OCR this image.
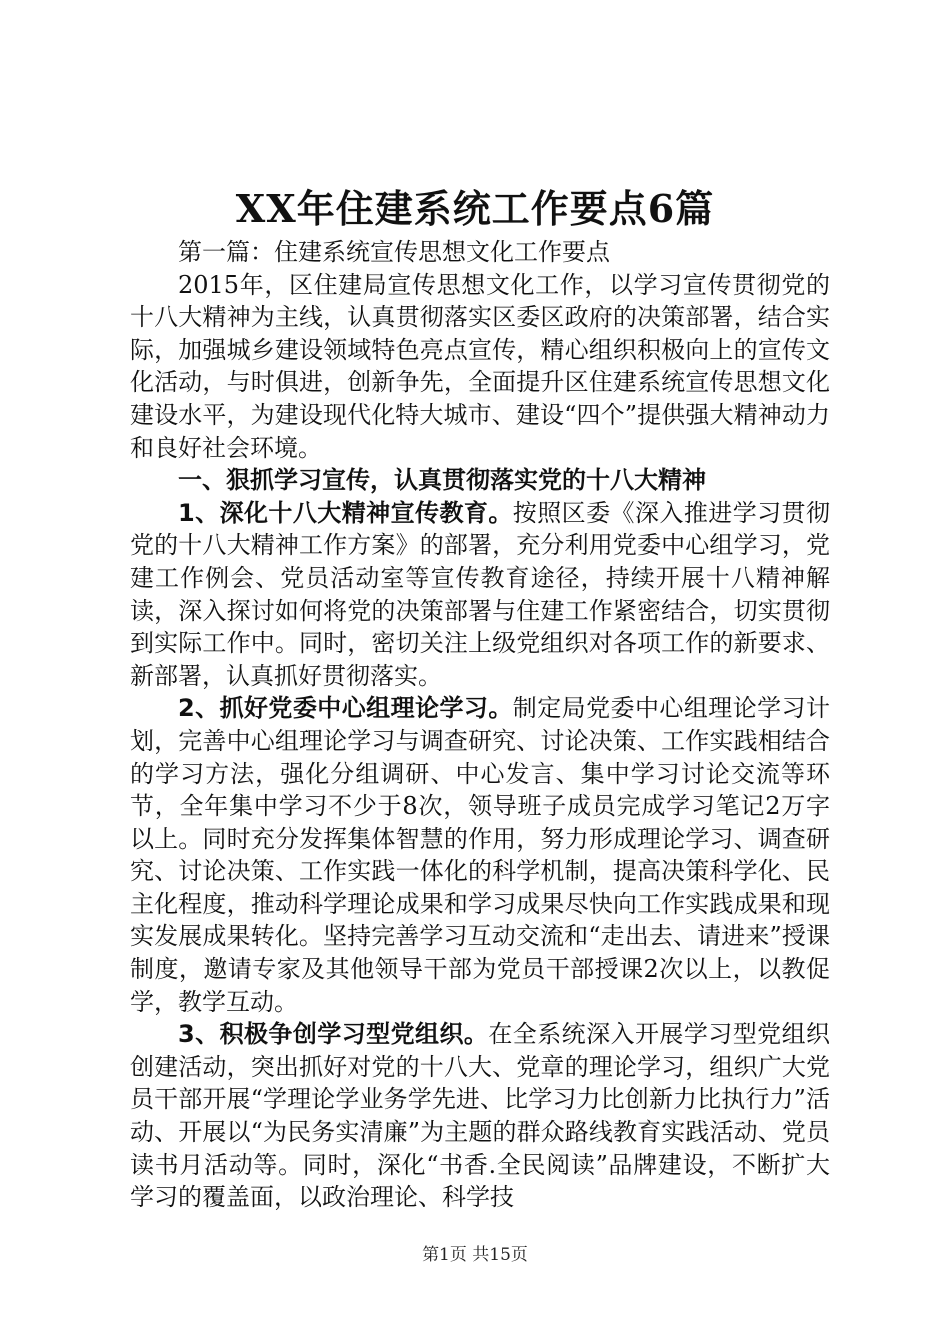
XX年住建系统工作要点6篇

第一篇：住建系统宣传思想文化工作要点

2015年，区住建局宣传思想文化工作，以学习宣传贯彻党的十八大精神为主线，认真贯彻落实区委区政府的决策部署，结合实际，加强城乡建设领域特色亮点宣传，精心组织积极向上的宣传文化活动，与时俱进，创新争先，全面提升区住建系统宣传思想文化建设水平，为建设现代化特大城市、建设“四个”提供强大精神动力和良好社会环境。

一、狠抓学习宣传，认真贯彻落实党的十八大精神

1、深化十八大精神宣传教育。按照区委《深入推进学习贯彻党的十八大精神工作方案》的部署，充分利用党委中心组学习，党建工作例会、党员活动室等宣传教育途径，持续开展十八精神解读，深入探讨如何将党的决策部署与住建工作紧密结合，切实贯彻到实际工作中。同时，密切关注上级党组织对各项工作的新要求、新部署，认真抓好贯彻落实。

2、抓好党委中心组理论学习。制定局党委中心组理论学习计划，完善中心组理论学习与调查研究、讨论决策、工作实践相结合的学习方法，强化分组调研、中心发言、集中学习讨论交流等环节，全年集中学习不少于8次，领导班子成员完成学习笔记2万字以上。同时充分发挥集体智慧的作用，努力形成理论学习、调查研究、讨论决策、工作实践一体化的科学机制，提高决策科学化、民主化程度，推动科学理论成果和学习成果尽快向工作实践成果和现实发展成果转化。坚持完善学习互动交流和“走出去、请进来”授课制度，邀请专家及其他领导干部为党员干部授课2次以上，以教促学，教学互动。

3、积极争创学习型党组织。在全系统深入开展学习型党组织创建活动，突出抓好对党的十八大、党章的理论学习，组织广大党员干部开展“学理论学业务学先进、比学习力比创新力比执行力”活动、开展以“为民务实清廉”为主题的群众路线教育实践活动、党员读书月活动等。同时，深化“书香.全民阅读”品牌建设，不断扩大学习的覆盖面，以政治理论、科学技

第1页 共15页
